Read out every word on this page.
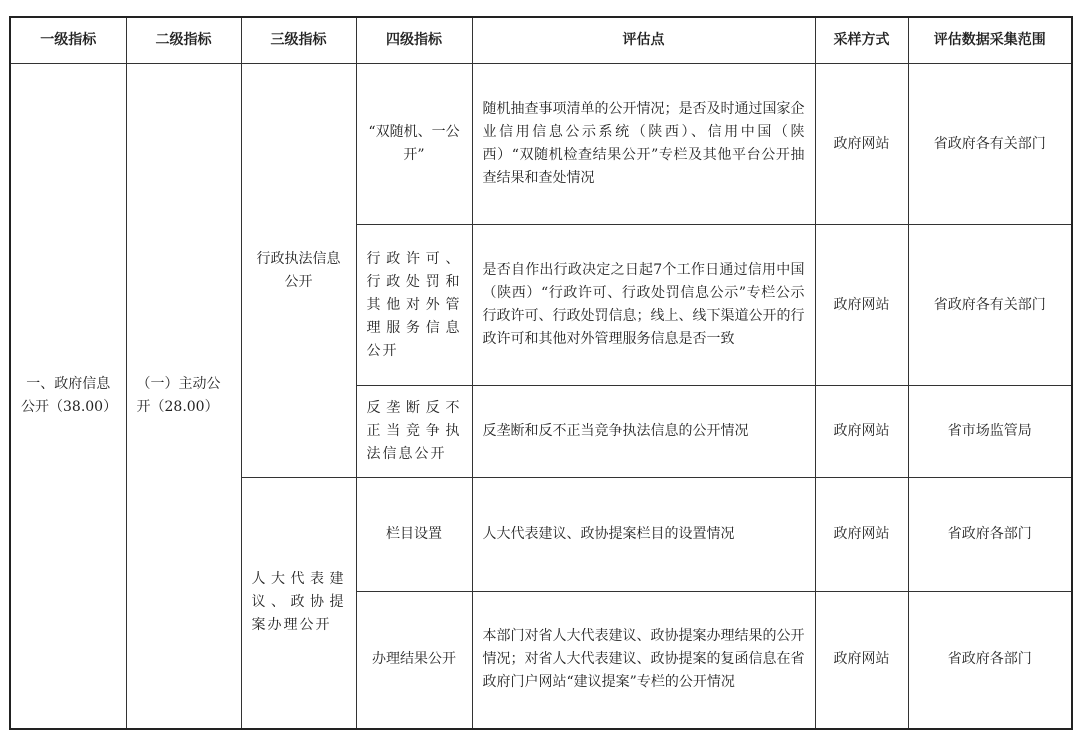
一级指标	二级指标	三级指标	四级指标	评估点	采样方式	评估数据采集范围
一、政府信息公开（38.00）	（一）主动公开（28.00）	行政执法信息公开	“双随机、一公开”	随机抽查事项清单的公开情况；是否及时通过国家企业信用信息公示系统（陕西）、信用中国（陕西）“双随机检查结果公开”专栏及其他平台公开抽查结果和查处情况	政府网站	省政府各有关部门
			行政许可、行政处罚和其他对外管理服务信息公开	是否自作出行政决定之日起7个工作日通过信用中国（陕西）“行政许可、行政处罚信息公示”专栏公示行政许可、行政处罚信息；线上、线下渠道公开的行政许可和其他对外管理服务信息是否一致	政府网站	省政府各有关部门
			反垄断反不正当竞争执法信息公开	反垄断和反不正当竞争执法信息的公开情况	政府网站	省市场监管局
		人大代表建议、政协提案办理公开	栏目设置	人大代表建议、政协提案栏目的设置情况	政府网站	省政府各部门
			办理结果公开	本部门对省人大代表建议、政协提案办理结果的公开情况；对省人大代表建议、政协提案的复函信息在省政府门户网站“建议提案”专栏的公开情况	政府网站	省政府各部门
